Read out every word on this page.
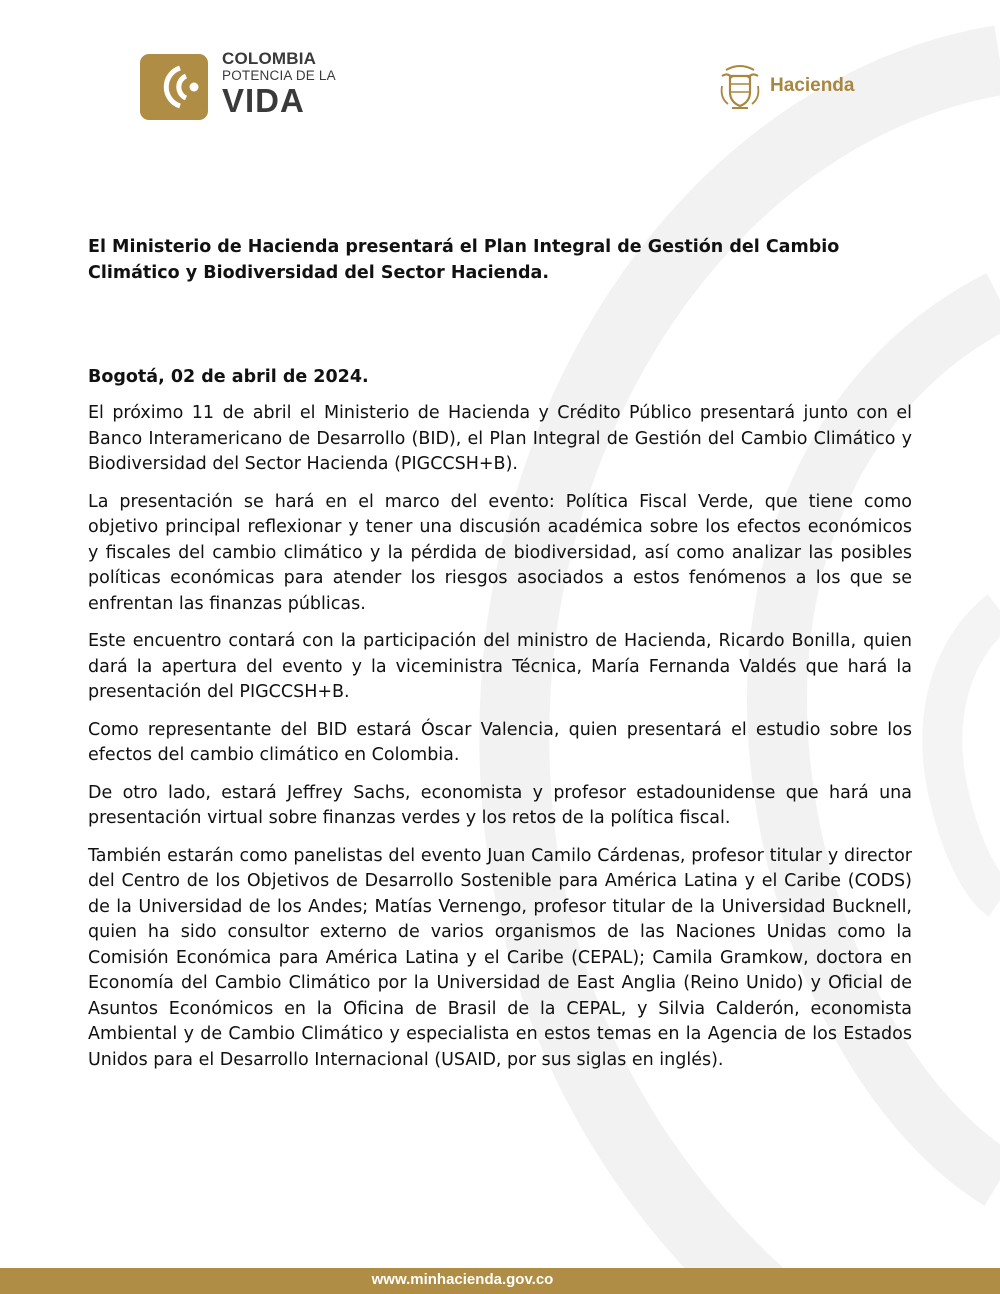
COLOMBIA
POTENCIA DE LA
VIDA	Hacienda

El Ministerio de Hacienda presentará el Plan Integral de Gestión del Cambio Climático y Biodiversidad del Sector Hacienda.

Bogotá, 02 de abril de 2024.

El próximo 11 de abril el Ministerio de Hacienda y Crédito Público presentará junto con el Banco Interamericano de Desarrollo (BID), el Plan Integral de Gestión del Cambio Climático y Biodiversidad del Sector Hacienda (PIGCCSH+B).

La presentación se hará en el marco del evento: Política Fiscal Verde, que tiene como objetivo principal reflexionar y tener una discusión académica sobre los efectos económicos y fiscales del cambio climático y la pérdida de biodiversidad, así como analizar las posibles políticas económicas para atender los riesgos asociados a estos fenómenos a los que se enfrentan las finanzas públicas.

Este encuentro contará con la participación del ministro de Hacienda, Ricardo Bonilla, quien dará la apertura del evento y la viceministra Técnica, María Fernanda Valdés que hará la presentación del PIGCCSH+B.

Como representante del BID estará Óscar Valencia, quien presentará el estudio sobre los efectos del cambio climático en Colombia.

De otro lado, estará Jeffrey Sachs, economista y profesor estadounidense que hará una presentación virtual sobre finanzas verdes y los retos de la política fiscal.

También estarán como panelistas del evento Juan Camilo Cárdenas, profesor titular y director del Centro de los Objetivos de Desarrollo Sostenible para América Latina y el Caribe (CODS) de la Universidad de los Andes; Matías Vernengo, profesor titular de la Universidad Bucknell, quien ha sido consultor externo de varios organismos de las Naciones Unidas como la Comisión Económica para América Latina y el Caribe (CEPAL); Camila Gramkow, doctora en Economía del Cambio Climático por la Universidad de East Anglia (Reino Unido) y Oficial de Asuntos Económicos en la Oficina de Brasil de la CEPAL, y Silvia Calderón, economista Ambiental y de Cambio Climático y especialista en estos temas en la Agencia de los Estados Unidos para el Desarrollo Internacional (USAID, por sus siglas en inglés).

www.minhacienda.gov.co
